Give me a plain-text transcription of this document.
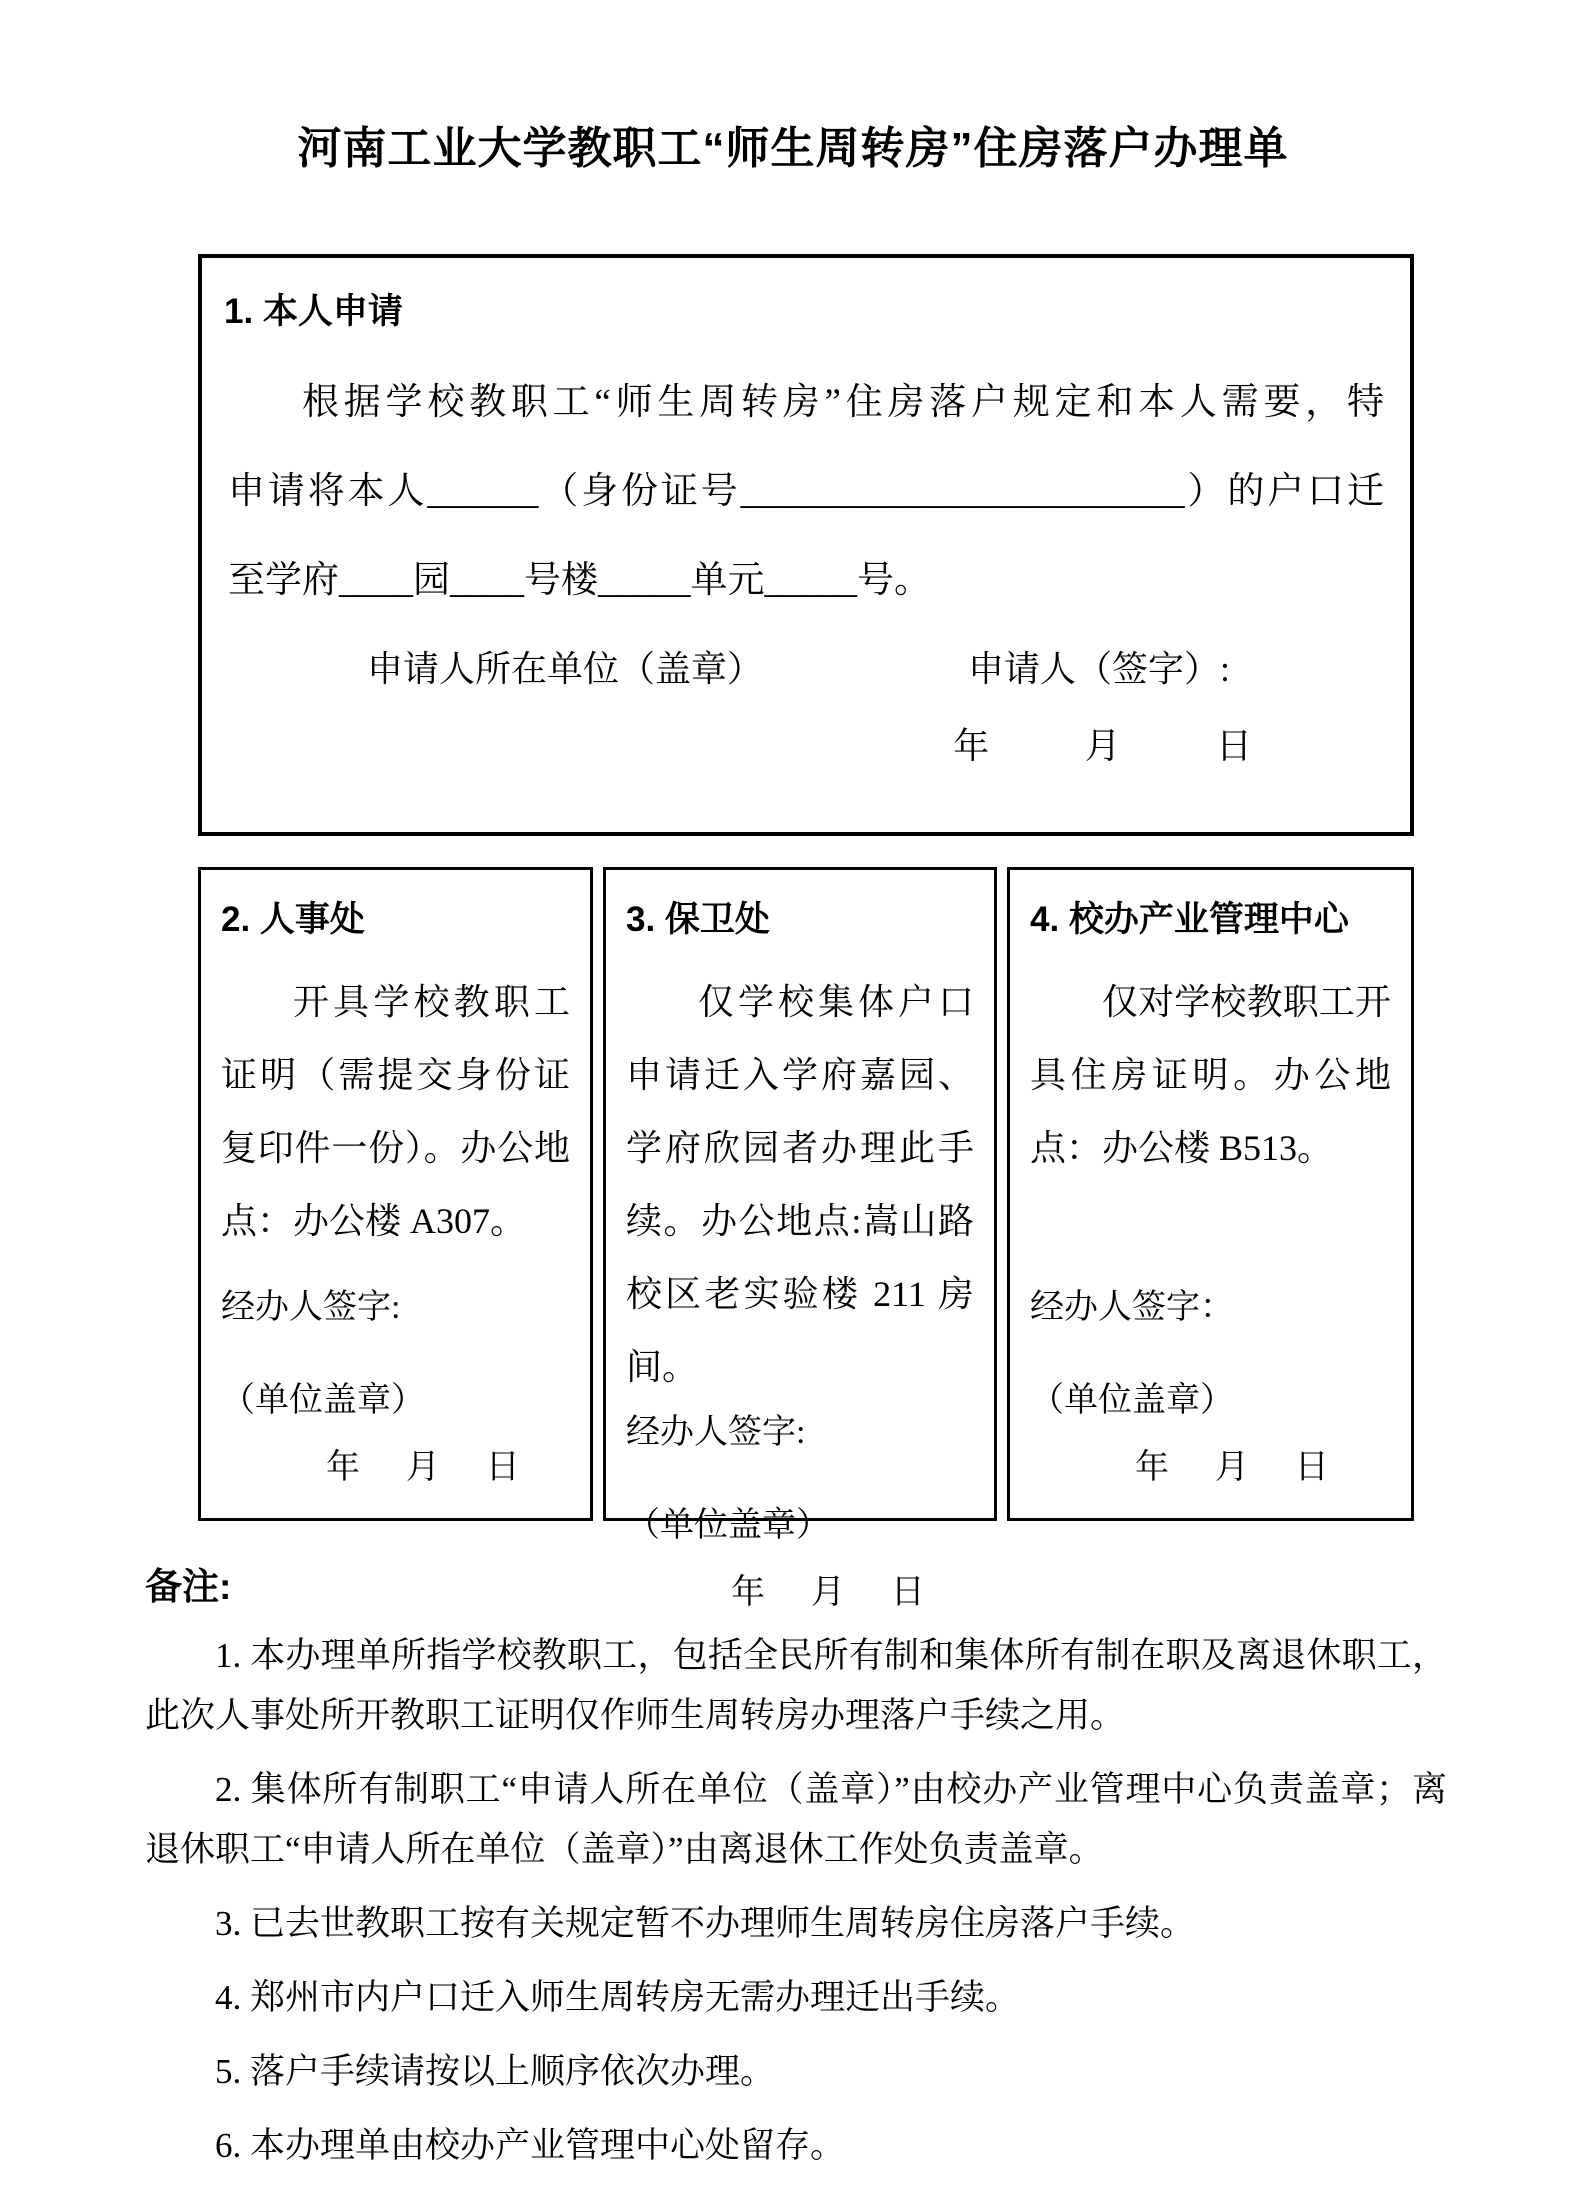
河南工业大学教职工“师生周转房”住房落户办理单
1. 本人申请
根据学校教职工“师生周转房”住房落户规定和本人需要，特
申请将本人______（身份证号________________________）的户口迁
至学府____园____号楼_____单元_____号。
申请人所在单位（盖章）	申请人（签字）:
年 月 日
2. 人事处
开具学校教职工证明（需提交身份证复印件一份）。办公地点：办公楼 A307。
经办人签字:
（单位盖章）
年 月 日
3. 保卫处
仅学校集体户口申请迁入学府嘉园、学府欣园者办理此手续。办公地点:嵩山路校区老实验楼 211 房间。
经办人签字:
（单位盖章）
年 月 日
4. 校办产业管理中心
仅对学校教职工开具住房证明。办公地点：办公楼 B513。
经办人签字：
（单位盖章）
年 月 日
备注:
1. 本办理单所指学校教职工，包括全民所有制和集体所有制在职及离退休职工，此次人事处所开教职工证明仅作师生周转房办理落户手续之用。
2. 集体所有制职工“申请人所在单位（盖章）”由校办产业管理中心负责盖章；离退休职工“申请人所在单位（盖章）”由离退休工作处负责盖章。
3. 已去世教职工按有关规定暂不办理师生周转房住房落户手续。
4. 郑州市内户口迁入师生周转房无需办理迁出手续。
5. 落户手续请按以上顺序依次办理。
6. 本办理单由校办产业管理中心处留存。
